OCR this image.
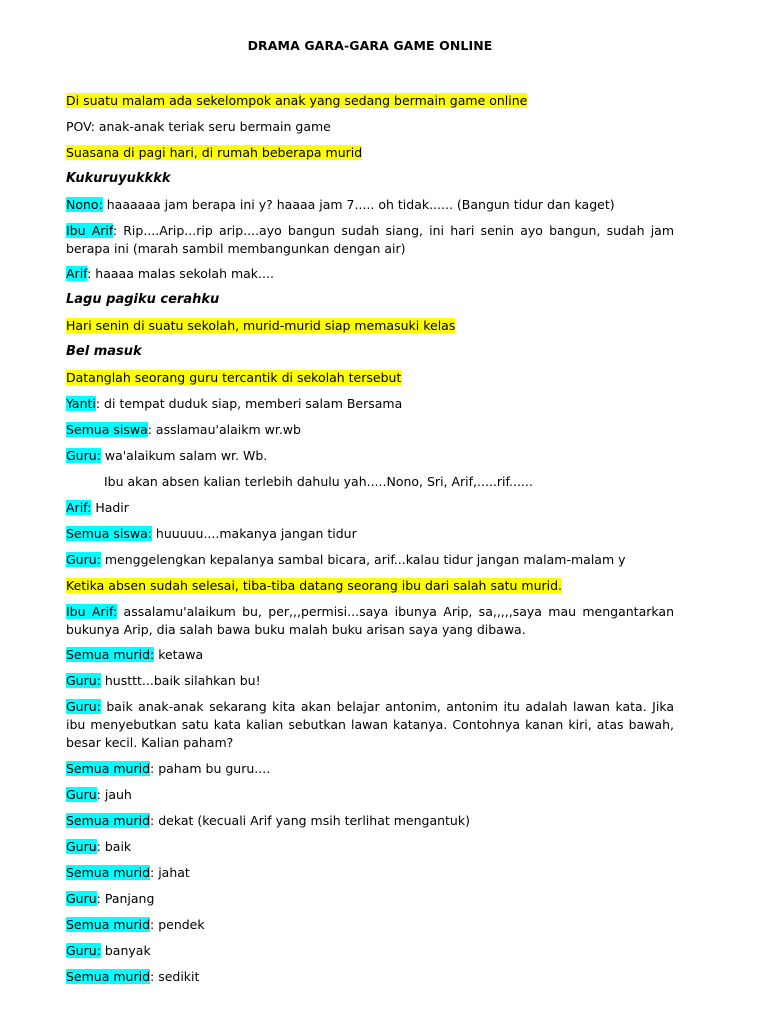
DRAMA GARA-GARA GAME ONLINE

Di suatu malam ada sekelompok anak yang sedang bermain game online

POV: anak-anak teriak seru bermain game

Suasana di pagi hari, di rumah beberapa murid

Kukuruyukkkk

Nono: haaaaaa jam berapa ini y? haaaa jam 7..... oh tidak...... (Bangun tidur dan kaget)

Ibu Arif: Rip....Arip...rip arip....ayo bangun sudah siang, ini hari senin ayo bangun, sudah jam berapa ini (marah sambil membangunkan dengan air)

Arif: haaaa malas sekolah mak....

Lagu pagiku cerahku

Hari senin di suatu sekolah, murid-murid siap memasuki kelas

Bel masuk

Datanglah seorang guru tercantik di sekolah tersebut

Yanti: di tempat duduk siap, memberi salam Bersama

Semua siswa: asslamau'alaikm wr.wb

Guru: wa'alaikum salam wr. Wb.

Ibu akan absen kalian terlebih dahulu yah.....Nono, Sri, Arif,.....rif......

Arif: Hadir

Semua siswa: huuuuu....makanya jangan tidur

Guru: menggelengkan kepalanya sambal bicara, arif...kalau tidur jangan malam-malam y

Ketika absen sudah selesai, tiba-tiba datang seorang ibu dari salah satu murid.

Ibu Arif: assalamu'alaikum bu, per,,,permisi...saya ibunya Arip, sa,,,,,saya mau mengantarkan bukunya Arip, dia salah bawa buku malah buku arisan saya yang dibawa.

Semua murid: ketawa

Guru: husttt...baik silahkan bu!

Guru: baik anak-anak sekarang kita akan belajar antonim, antonim itu adalah lawan kata. Jika ibu menyebutkan satu kata kalian sebutkan lawan katanya. Contohnya kanan kiri, atas bawah, besar kecil. Kalian paham?

Semua murid: paham bu guru....

Guru: jauh

Semua murid: dekat (kecuali Arif yang msih terlihat mengantuk)

Guru: baik

Semua murid: jahat

Guru: Panjang

Semua murid: pendek

Guru: banyak

Semua murid: sedikit
